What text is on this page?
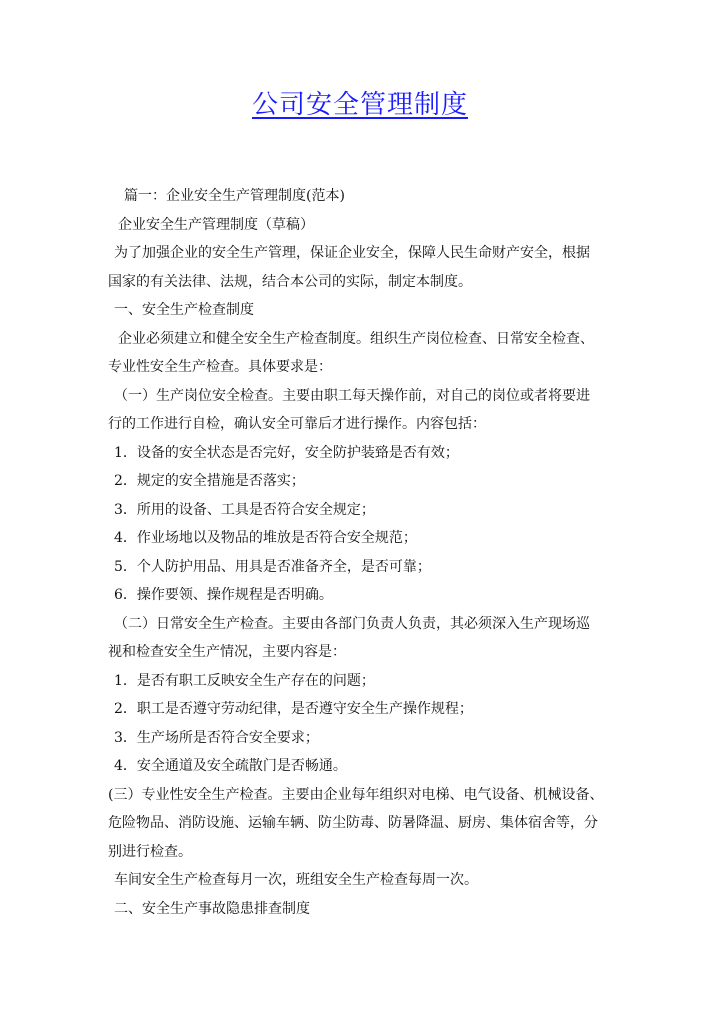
公司安全管理制度
篇一：企业安全生产管理制度(范本)
企业安全生产管理制度（草稿）
为了加强企业的安全生产管理，保证企业安全，保障人民生命财产安全，根据
国家的有关法律、法规，结合本公司的实际，制定本制度。
一、安全生产检查制度
企业必须建立和健全安全生产检查制度。组织生产岗位检查、日常安全检查、
专业性安全生产检查。具体要求是：
（一）生产岗位安全检查。主要由职工每天操作前，对自己的岗位或者将要进
行的工作进行自检，确认安全可靠后才进行操作。内容包括：
1．设备的安全状态是否完好，安全防护装臵是否有效；
2．规定的安全措施是否落实；
3．所用的设备、工具是否符合安全规定；
4．作业场地以及物品的堆放是否符合安全规范；
5．个人防护用品、用具是否准备齐全，是否可靠；
6．操作要领、操作规程是否明确。
（二）日常安全生产检查。主要由各部门负责人负责，其必须深入生产现场巡
视和检查安全生产情况，主要内容是：
1．是否有职工反映安全生产存在的问题；
2．职工是否遵守劳动纪律，是否遵守安全生产操作规程；
3．生产场所是否符合安全要求；
4．安全通道及安全疏散门是否畅通。
(三）专业性安全生产检查。主要由企业每年组织对电梯、电气设备、机械设备、
危险物品、消防设施、运输车辆、防尘防毒、防暑降温、厨房、集体宿舍等，分
别进行检查。
车间安全生产检查每月一次，班组安全生产检查每周一次。
二、安全生产事故隐患排查制度
